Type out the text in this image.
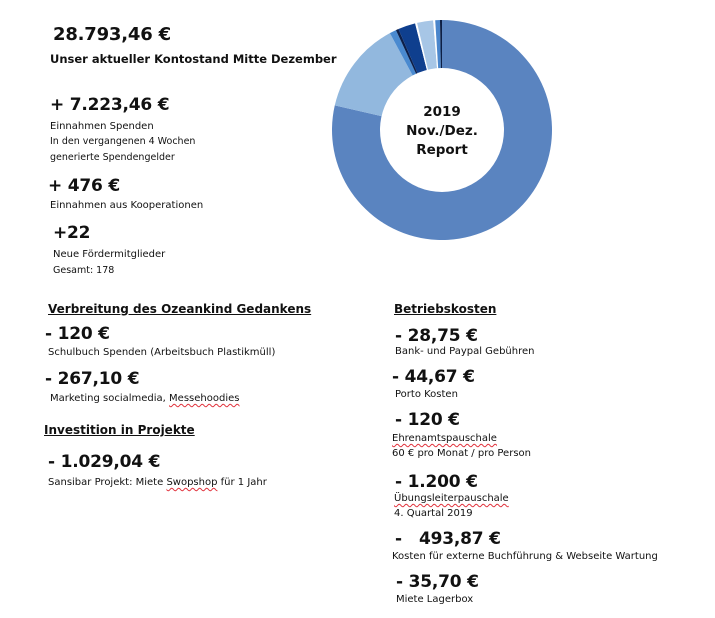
28.793,46 €
Unser aktueller Kontostand Mitte Dezember
+ 7.223,46 €
Einnahmen Spenden
In den vergangenen 4 Wochen
generierte Spendengelder
+ 476 €
Einnahmen aus Kooperationen
+22
Neue Fördermitglieder
Gesamt: 178
2019
Nov./Dez.
Report
Verbreitung des Ozeankind Gedankens
- 120 €
Schulbuch Spenden (Arbeitsbuch Plastikmüll)
- 267,10 €
Marketing socialmedia, Messehoodies
Investition in Projekte
- 1.029,04 €
Sansibar Projekt: Miete Swopshop für 1 Jahr
Betriebskosten
- 28,75 €
Bank- und Paypal Gebühren
- 44,67 €
Porto Kosten
- 120 €
Ehrenamtspauschale
60 € pro Monat / pro Person
- 1.200 €
Übungsleiterpauschale
4. Quartal 2019
-   493,87 €
Kosten für externe Buchführung & Webseite Wartung
- 35,70 €
Miete Lagerbox
